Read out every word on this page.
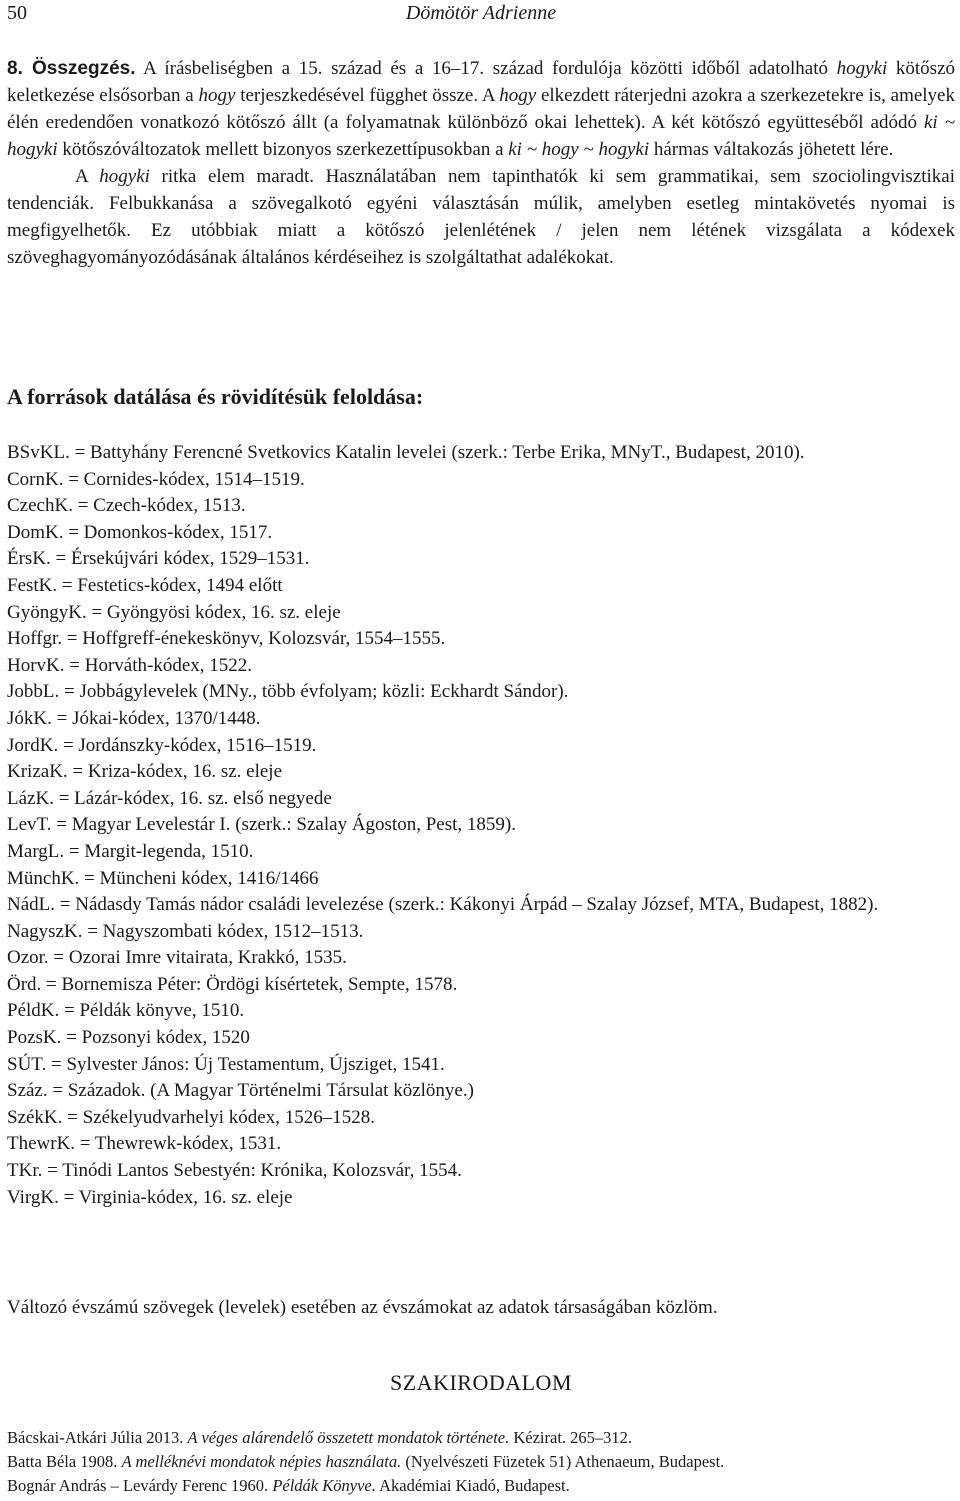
50	Dömötör Adrienne

8. Összegzés. A írásbeliségben a 15. század és a 16–17. század fordulója közötti időből adatolható hogyki kötőszó keletkezése elsősorban a hogy terjeszkedésével függhet össze. A hogy elkezdett ráterjedni azokra a szerkezetekre is, amelyek élén eredendően vonatkozó kötőszó állt (a folyamatnak különböző okai lehettek). A két kötőszó együtteséből adódó ki ~ hogyki kötőszóváltozatok mellett bizonyos szerkezettípusokban a ki ~ hogy ~ hogyki hármas váltakozás jöhetett lére.

A hogyki ritka elem maradt. Használatában nem tapinthatók ki sem grammatikai, sem szociolingvisztikai tendenciák. Felbukkanása a szövegalkotó egyéni választásán múlik, amelyben esetleg mintakövetés nyomai is megfigyelhetők. Ez utóbbiak miatt a kötőszó jelenlétének / jelen nem létének vizsgálata a kódexek szöveghagyományozódásának általános kérdéseihez is szolgáltathat adalékokat.

A források datálása és rövidítésük feloldása:
BSvKL. = Battyhány Ferencné Svetkovics Katalin levelei (szerk.: Terbe Erika, MNyT., Budapest, 2010).
CornK. = Cornides-kódex, 1514–1519.
CzechK. = Czech-kódex, 1513.
DomK. = Domonkos-kódex, 1517.
ÉrsK. = Érsekújvári kódex, 1529–1531.
FestK. = Festetics-kódex, 1494 előtt
GyöngyK. = Gyöngyösi kódex, 16. sz. eleje
Hoffgr. = Hoffgreff-énekeskönyv, Kolozsvár, 1554–1555.
HorvK. = Horváth-kódex, 1522.
JobbL. = Jobbágylevelek (MNy., több évfolyam; közli: Eckhardt Sándor).
JókK. = Jókai-kódex, 1370/1448.
JordK. = Jordánszky-kódex, 1516–1519.
KrizaK. = Kriza-kódex, 16. sz. eleje
LázK. = Lázár-kódex, 16. sz. első negyede
LevT. = Magyar Levelestár I. (szerk.: Szalay Ágoston, Pest, 1859).
MargL. = Margit-legenda, 1510.
MünchK. = Müncheni kódex, 1416/1466
NádL. = Nádasdy Tamás nádor családi levelezése (szerk.: Kákonyi Árpád – Szalay József, MTA, Budapest, 1882).
NagyszK. = Nagyszombati kódex, 1512–1513.
Ozor. = Ozorai Imre vitairata, Krakkó, 1535.
Örd. = Bornemisza Péter: Ördögi kísértetek, Sempte, 1578.
PéldK. = Példák könyve, 1510.
PozsK. = Pozsonyi kódex, 1520
SÚT. = Sylvester János: Új Testamentum, Újsziget, 1541.
Száz. = Századok. (A Magyar Történelmi Társulat közlönye.)
SzékK. = Székelyudvarhelyi kódex, 1526–1528.
ThewrK. = Thewrewk-kódex, 1531.
TKr. = Tinódi Lantos Sebestyén: Krónika, Kolozsvár, 1554.
VirgK. = Virginia-kódex, 16. sz. eleje
Változó évszámú szövegek (levelek) esetében az évszámokat az adatok társaságában közlöm.
SZAKIRODALOM
Bácskai-Atkári Júlia 2013. A véges alárendelő összetett mondatok története. Kézirat. 265–312.
Batta Béla 1908. A melléknévi mondatok népies használata. (Nyelvészeti Füzetek 51) Athenaeum, Budapest.
Bognár András – Levárdy Ferenc 1960. Példák Könyve. Akadémiai Kiadó, Budapest.
